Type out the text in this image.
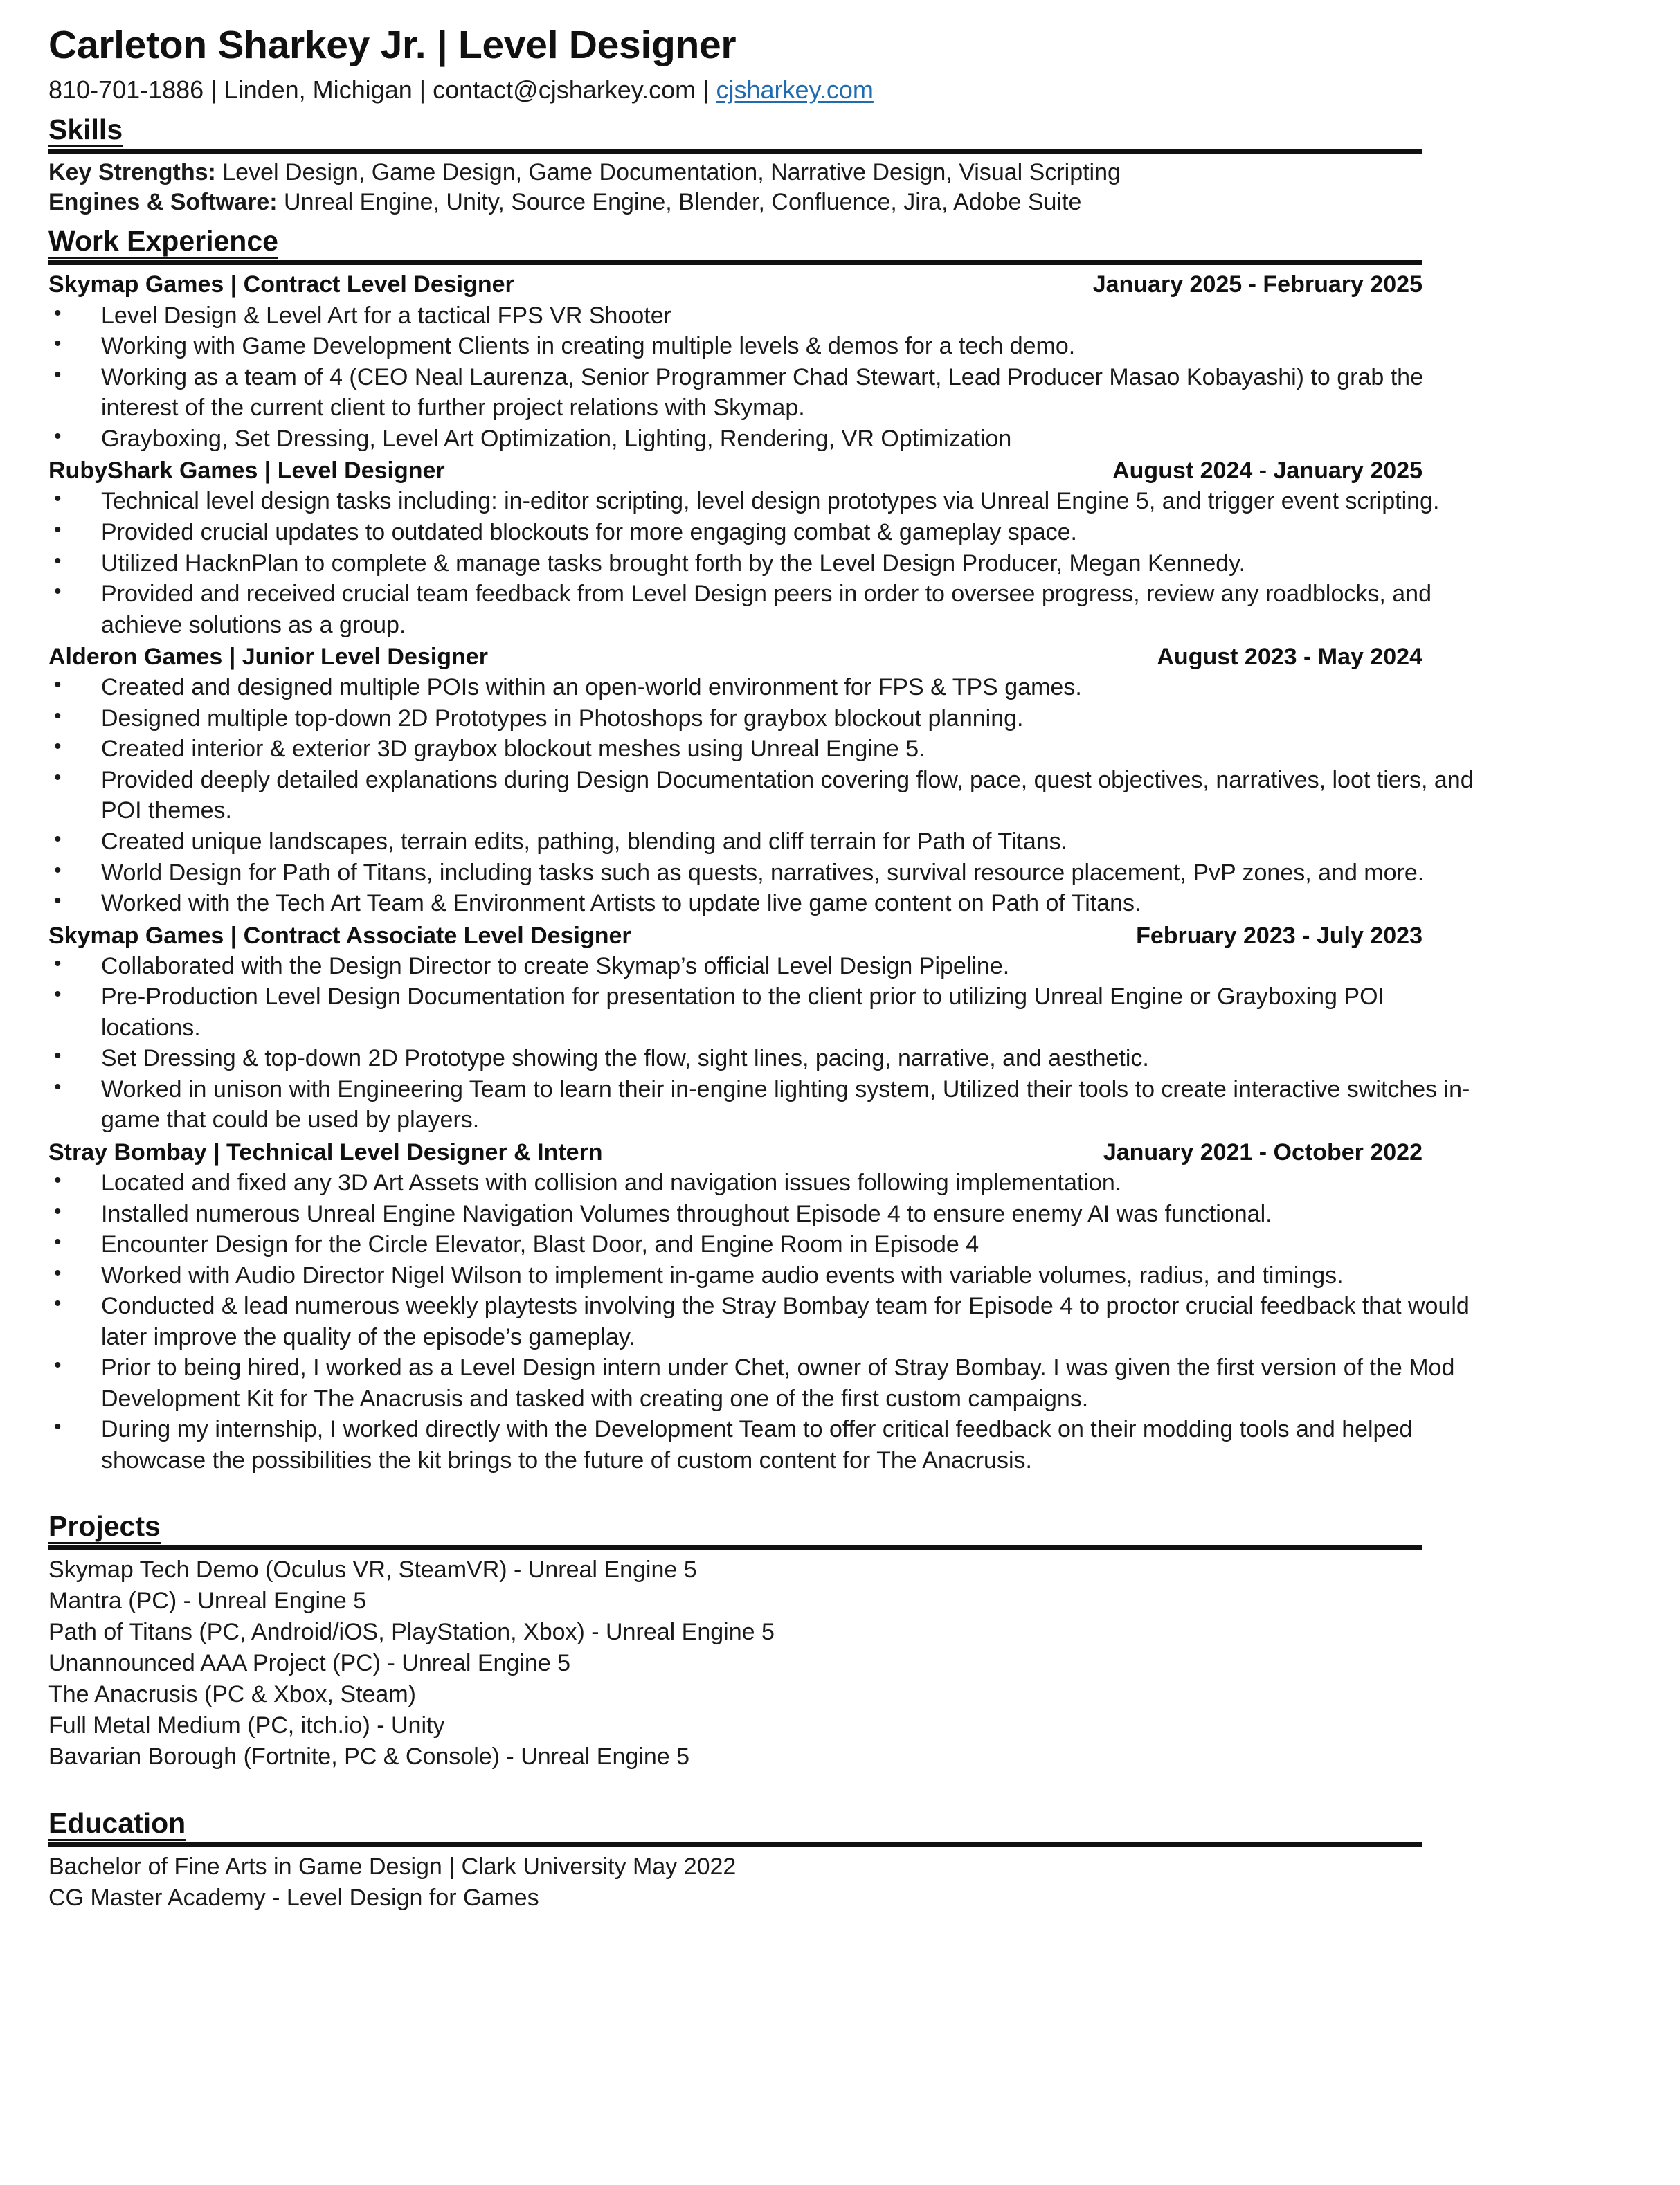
Carleton Sharkey Jr. | Level Designer

810-701-1886 | Linden, Michigan | contact@cjsharkey.com | cjsharkey.com

Skills

Key Strengths: Level Design, Game Design, Game Documentation, Narrative Design, Visual Scripting

Engines & Software: Unreal Engine, Unity, Source Engine, Blender, Confluence, Jira, Adobe Suite

Work Experience
Skymap Games | Contract Level Designer	January 2025 - February 2025
• Level Design & Level Art for a tactical FPS VR Shooter
• Working with Game Development Clients in creating multiple levels & demos for a tech demo.
• Working as a team of 4 (CEO Neal Laurenza, Senior Programmer Chad Stewart, Lead Producer Masao Kobayashi) to grab the interest of the current client to further project relations with Skymap.
• Grayboxing, Set Dressing, Level Art Optimization, Lighting, Rendering, VR Optimization
RubyShark Games | Level Designer	August 2024 - January 2025
• Technical level design tasks including: in-editor scripting, level design prototypes via Unreal Engine 5, and trigger event scripting.
• Provided crucial updates to outdated blockouts for more engaging combat & gameplay space.
• Utilized HacknPlan to complete & manage tasks brought forth by the Level Design Producer, Megan Kennedy.
• Provided and received crucial team feedback from Level Design peers in order to oversee progress, review any roadblocks, and achieve solutions as a group.
Alderon Games | Junior Level Designer	August 2023 - May 2024
• Created and designed multiple POIs within an open-world environment for FPS & TPS games.
• Designed multiple top-down 2D Prototypes in Photoshops for graybox blockout planning.
• Created interior & exterior 3D graybox blockout meshes using Unreal Engine 5.
• Provided deeply detailed explanations during Design Documentation covering flow, pace, quest objectives, narratives, loot tiers, and POI themes.
• Created unique landscapes, terrain edits, pathing, blending and cliff terrain for Path of Titans.
• World Design for Path of Titans, including tasks such as quests, narratives, survival resource placement, PvP zones, and more.
• Worked with the Tech Art Team & Environment Artists to update live game content on Path of Titans.
Skymap Games | Contract Associate Level Designer	February 2023 - July 2023
• Collaborated with the Design Director to create Skymap’s official Level Design Pipeline.
• Pre-Production Level Design Documentation for presentation to the client prior to utilizing Unreal Engine or Grayboxing POI locations.
• Set Dressing & top-down 2D Prototype showing the flow, sight lines, pacing, narrative, and aesthetic.
• Worked in unison with Engineering Team to learn their in-engine lighting system, Utilized their tools to create interactive switches in-game that could be used by players.
Stray Bombay | Technical Level Designer & Intern	January 2021 - October 2022
• Located and fixed any 3D Art Assets with collision and navigation issues following implementation.
• Installed numerous Unreal Engine Navigation Volumes throughout Episode 4 to ensure enemy AI was functional.
• Encounter Design for the Circle Elevator, Blast Door, and Engine Room in Episode 4
• Worked with Audio Director Nigel Wilson to implement in-game audio events with variable volumes, radius, and timings.
• Conducted & lead numerous weekly playtests involving the Stray Bombay team for Episode 4 to proctor crucial feedback that would later improve the quality of the episode’s gameplay.
• Prior to being hired, I worked as a Level Design intern under Chet, owner of Stray Bombay. I was given the first version of the Mod Development Kit for The Anacrusis and tasked with creating one of the first custom campaigns.
• During my internship, I worked directly with the Development Team to offer critical feedback on their modding tools and helped showcase the possibilities the kit brings to the future of custom content for The Anacrusis.
Projects
Skymap Tech Demo (Oculus VR, SteamVR) - Unreal Engine 5
Mantra (PC) - Unreal Engine 5
Path of Titans (PC, Android/iOS, PlayStation, Xbox) - Unreal Engine 5
Unannounced AAA Project (PC) - Unreal Engine 5
The Anacrusis (PC & Xbox, Steam)
Full Metal Medium (PC, itch.io) - Unity
Bavarian Borough (Fortnite, PC & Console) - Unreal Engine 5
Education
Bachelor of Fine Arts in Game Design | Clark University May 2022
CG Master Academy - Level Design for Games
